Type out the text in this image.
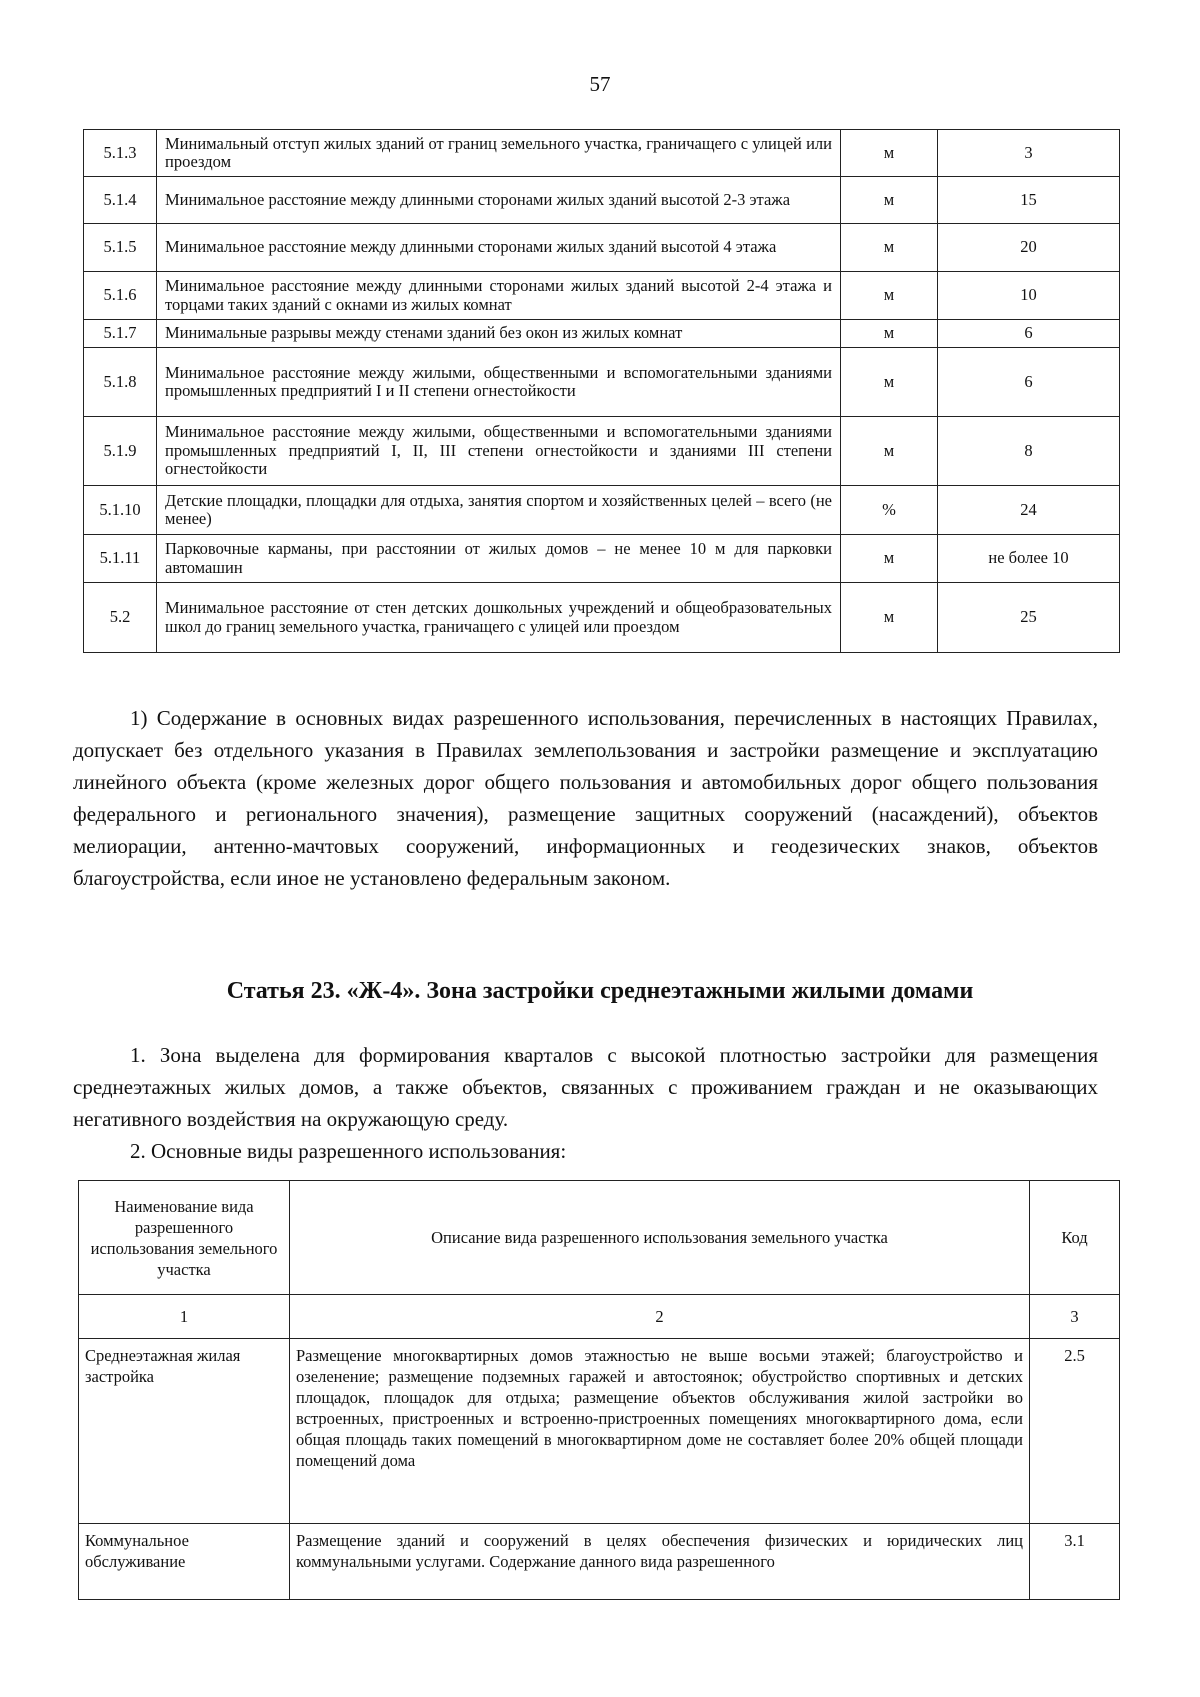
57
5.1.3	Минимальный отступ жилых зданий от границ земельного участка, граничащего с улицей или проездом	м	3
5.1.4	Минимальное расстояние между длинными сторонами жилых зданий высотой 2-3 этажа	м	15
5.1.5	Минимальное расстояние между длинными сторонами жилых зданий высотой 4 этажа	м	20
5.1.6	Минимальное расстояние между длинными сторонами жилых зданий высотой 2-4 этажа и торцами таких зданий с окнами из жилых комнат	м	10
5.1.7	Минимальные разрывы между стенами зданий без окон из жилых комнат	м	6
5.1.8	Минимальное расстояние между жилыми, общественными и вспомогательными зданиями промышленных предприятий I и II степени огнестойкости	м	6
5.1.9	Минимальное расстояние между жилыми, общественными и вспомогательными зданиями промышленных предприятий I, II, III степени огнестойкости и зданиями III степени огнестойкости	м	8
5.1.10	Детские площадки, площадки для отдыха, занятия спортом и хозяйственных целей – всего (не менее)	%	24
5.1.11	Парковочные карманы, при расстоянии от жилых домов – не менее 10 м для парковки автомашин	м	не более 10
5.2	Минимальное расстояние от стен детских дошкольных учреждений и общеобразовательных школ до границ земельного участка, граничащего с улицей или проездом	м	25

1) Содержание в основных видах разрешенного использования, перечисленных в настоящих Правилах, допускает без отдельного указания в Правилах землепользования и застройки размещение и эксплуатацию линейного объекта (кроме железных дорог общего пользования и автомобильных дорог общего пользования федерального и регионального значения), размещение защитных сооружений (насаждений), объектов мелиорации, антенно-мачтовых сооружений, информационных и геодезических знаков, объектов благоустройства, если иное не установлено федеральным законом.

Статья 23. «Ж-4». Зона застройки среднеэтажными жилыми домами

1. Зона выделена для формирования кварталов с высокой плотностью застройки для размещения среднеэтажных жилых домов, а также объектов, связанных с проживанием граждан и не оказывающих негативного воздействия на окружающую среду.

2. Основные виды разрешенного использования:

Наименование вида разрешенного использования земельного участка	Описание вида разрешенного использования земельного участка	Код
1	2	3
Среднеэтажная жилая застройка	Размещение многоквартирных домов этажностью не выше восьми этажей; благоустройство и озеленение; размещение подземных гаражей и автостоянок; обустройство спортивных и детских площадок, площадок для отдыха; размещение объектов обслуживания жилой застройки во встроенных, пристроенных и встроенно-пристроенных помещениях многоквартирного дома, если общая площадь таких помещений в многоквартирном доме не составляет более 20% общей площади помещений дома	2.5
Коммунальное обслуживание	Размещение зданий и сооружений в целях обеспечения физических и юридических лиц коммунальными услугами. Содержание данного вида разрешенного	3.1
